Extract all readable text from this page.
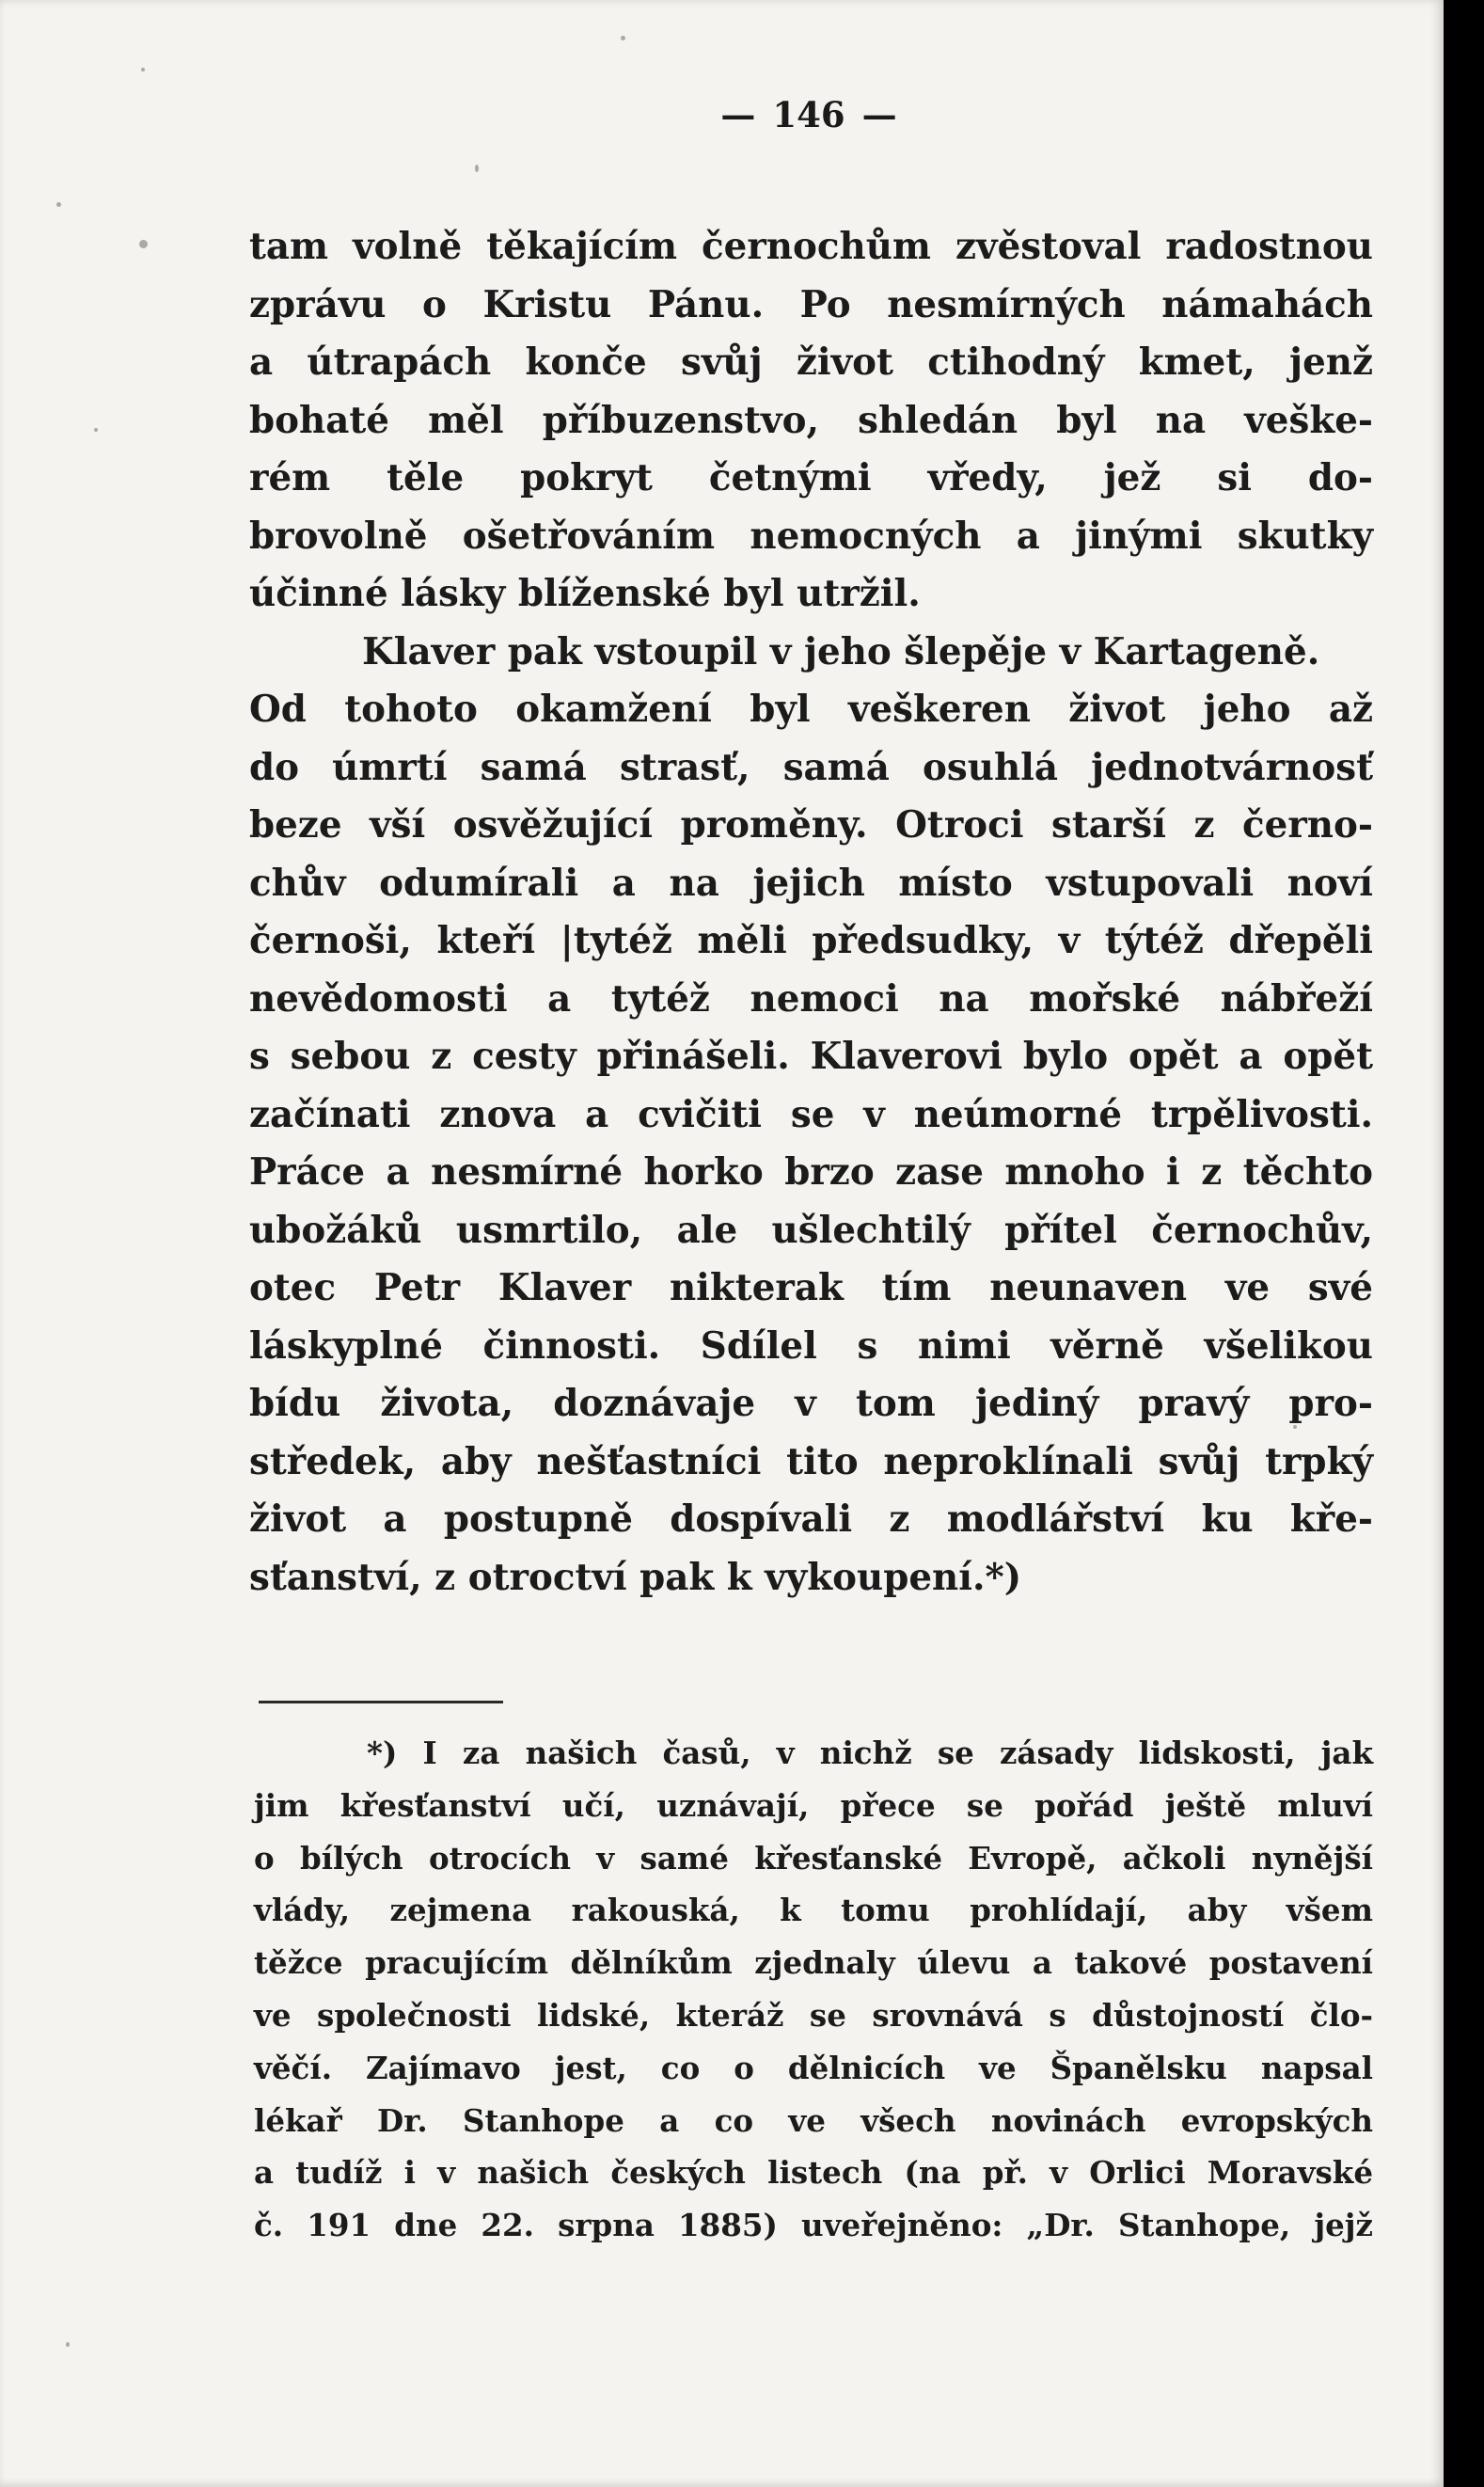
— 146 —
tam volně těkajícím černochům zvěstoval radostnou
zprávu o Kristu Pánu. Po nesmírných námahách
a útrapách konče svůj život ctihodný kmet, jenž
bohaté měl příbuzenstvo, shledán byl na veške-
rém těle pokryt četnými vředy, jež si do-
brovolně ošetřováním nemocných a jinými skutky
účinné lásky blíženské byl utržil.
Klaver pak vstoupil v jeho šlepěje v Kartageně.
Od tohoto okamžení byl veškeren život jeho až
do úmrtí samá strasť, samá osuhlá jednotvárnosť
beze vší osvěžující proměny. Otroci starší z černo-
chův odumírali a na jejich místo vstupovali noví
černoši, kteří |tytéž měli předsudky, v týtéž dřepěli
nevědomosti a tytéž nemoci na mořské nábřeží
s sebou z cesty přinášeli. Klaverovi bylo opět a opět
začínati znova a cvičiti se v neúmorné trpělivosti.
Práce a nesmírné horko brzo zase mnoho i z těchto
ubožáků usmrtilo, ale ušlechtilý přítel černochův,
otec Petr Klaver nikterak tím neunaven ve své
láskyplné činnosti. Sdílel s nimi věrně všelikou
bídu života, doznávaje v tom jediný pravý pro-
středek, aby nešťastníci tito neproklínali svůj trpký
život a postupně dospívali z modlářství ku kře-
sťanství, z otroctví pak k vykoupení.*)
*) I za našich časů, v nichž se zásady lidskosti, jak
jim křesťanství učí, uznávají, přece se pořád ještě mluví
o bílých otrocích v samé křesťanské Evropě, ačkoli nynější
vlády, zejmena rakouská, k tomu prohlídají, aby všem
těžce pracujícím dělníkům zjednaly úlevu a takové postavení
ve společnosti lidské, kteráž se srovnává s důstojností člo-
věčí. Zajímavo jest, co o dělnicích ve Španělsku napsal
lékař Dr. Stanhope a co ve všech novinách evropských
a tudíž i v našich českých listech (na př. v Orlici Moravské
č. 191 dne 22. srpna 1885) uveřejněno: „Dr. Stanhope, jejž
